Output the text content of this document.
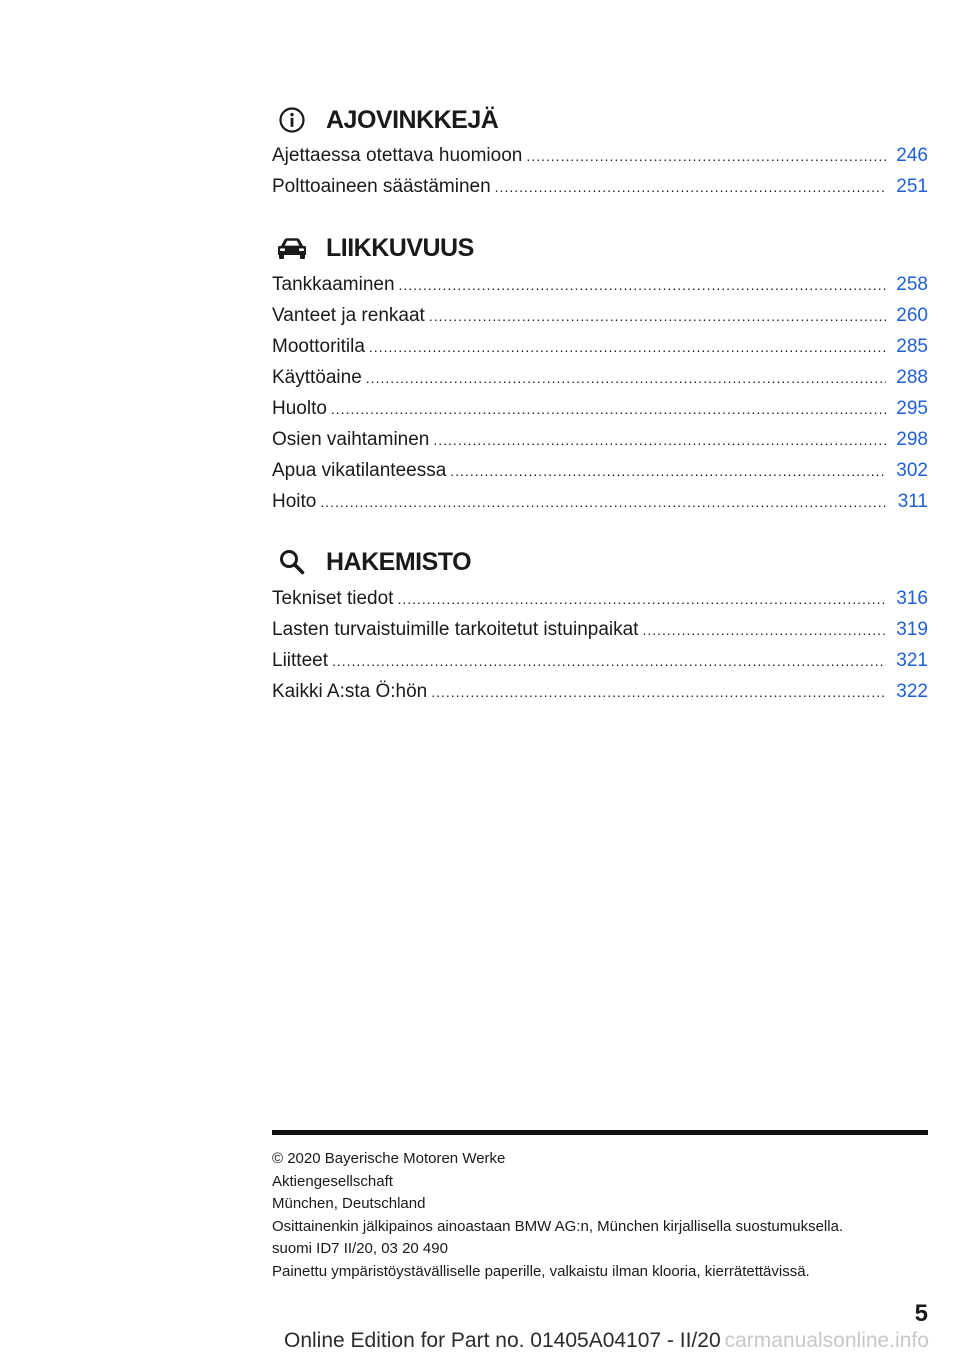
AJOVINKKEJÄ
Ajettaessa otettava huomioon .....	246
Polttoaineen säästäminen .....	251
LIIKKUVUUS
Tankkaaminen .....	258
Vanteet ja renkaat .....	260
Moottoritila .....	285
Käyttöaine .....	288
Huolto .....	295
Osien vaihtaminen .....	298
Apua vikatilanteessa .....	302
Hoito .....	311
HAKEMISTO
Tekniset tiedot .....	316
Lasten turvaistuimille tarkoitetut istuinpaikat .....	319
Liitteet .....	321
Kaikki A:sta Ö:hön .....	322
© 2020 Bayerische Motoren Werke
Aktiengesellschaft
München, Deutschland
Osittainenkin jälkipainos ainoastaan BMW AG:n, München kirjallisella suostumuksella.
suomi ID7 II/20, 03 20 490
Painettu ympäristöystävälliselle paperille, valkaistu ilman klooria, kierrätettävissä.
5
Online Edition for Part no. 01405A04107 - II/20 carmanualsonline.info
